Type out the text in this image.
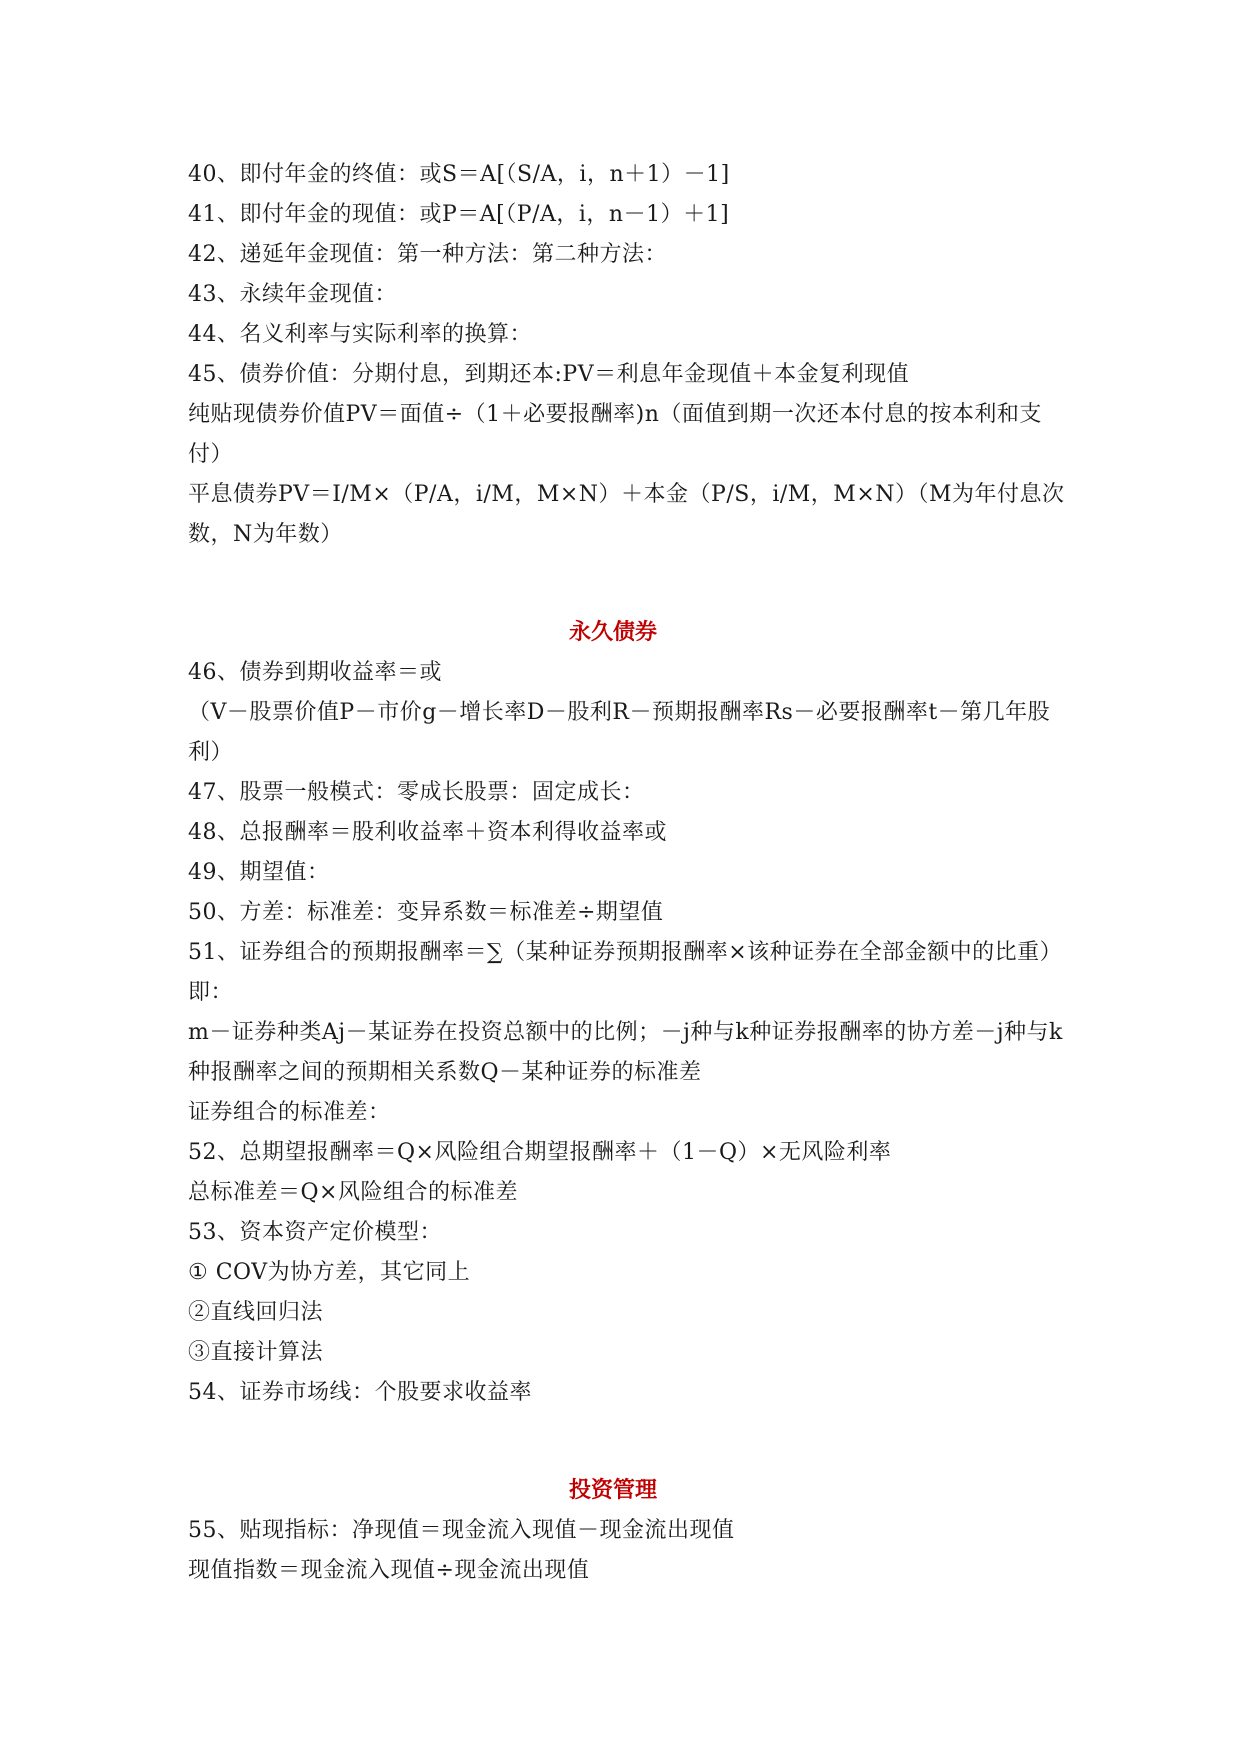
40、即付年金的终值：或S＝A[（S/A，i，n＋1）－1]
41、即付年金的现值：或P＝A[（P/A，i，n－1）＋1]
42、递延年金现值：第一种方法：第二种方法：
43、永续年金现值：
44、名义利率与实际利率的换算：
45、债券价值：分期付息，到期还本:PV＝利息年金现值＋本金复利现值
纯贴现债券价值PV＝面值÷（1＋必要报酬率)n（面值到期一次还本付息的按本利和支付）
平息债券PV＝I/M×（P/A，i/M，M×N）＋本金（P/S，i/M，M×N）（M为年付息次数，N为年数）
永久债券
46、债券到期收益率＝或
（V－股票价值P－市价g－增长率D－股利R－预期报酬率Rs－必要报酬率t－第几年股利）
47、股票一般模式：零成长股票：固定成长：
48、总报酬率＝股利收益率＋资本利得收益率或
49、期望值：
50、方差：标准差：变异系数＝标准差÷期望值
51、证券组合的预期报酬率＝∑（某种证券预期报酬率×该种证券在全部金额中的比重）即：
m－证券种类Aj－某证券在投资总额中的比例；－j种与k种证券报酬率的协方差－j种与k种报酬率之间的预期相关系数Q－某种证券的标准差
证券组合的标准差：
52、总期望报酬率＝Q×风险组合期望报酬率＋（1－Q）×无风险利率
总标准差＝Q×风险组合的标准差
53、资本资产定价模型：
① COV为协方差，其它同上
②直线回归法
③直接计算法
54、证券市场线：个股要求收益率
投资管理
55、贴现指标：净现值＝现金流入现值－现金流出现值
现值指数＝现金流入现值÷现金流出现值
